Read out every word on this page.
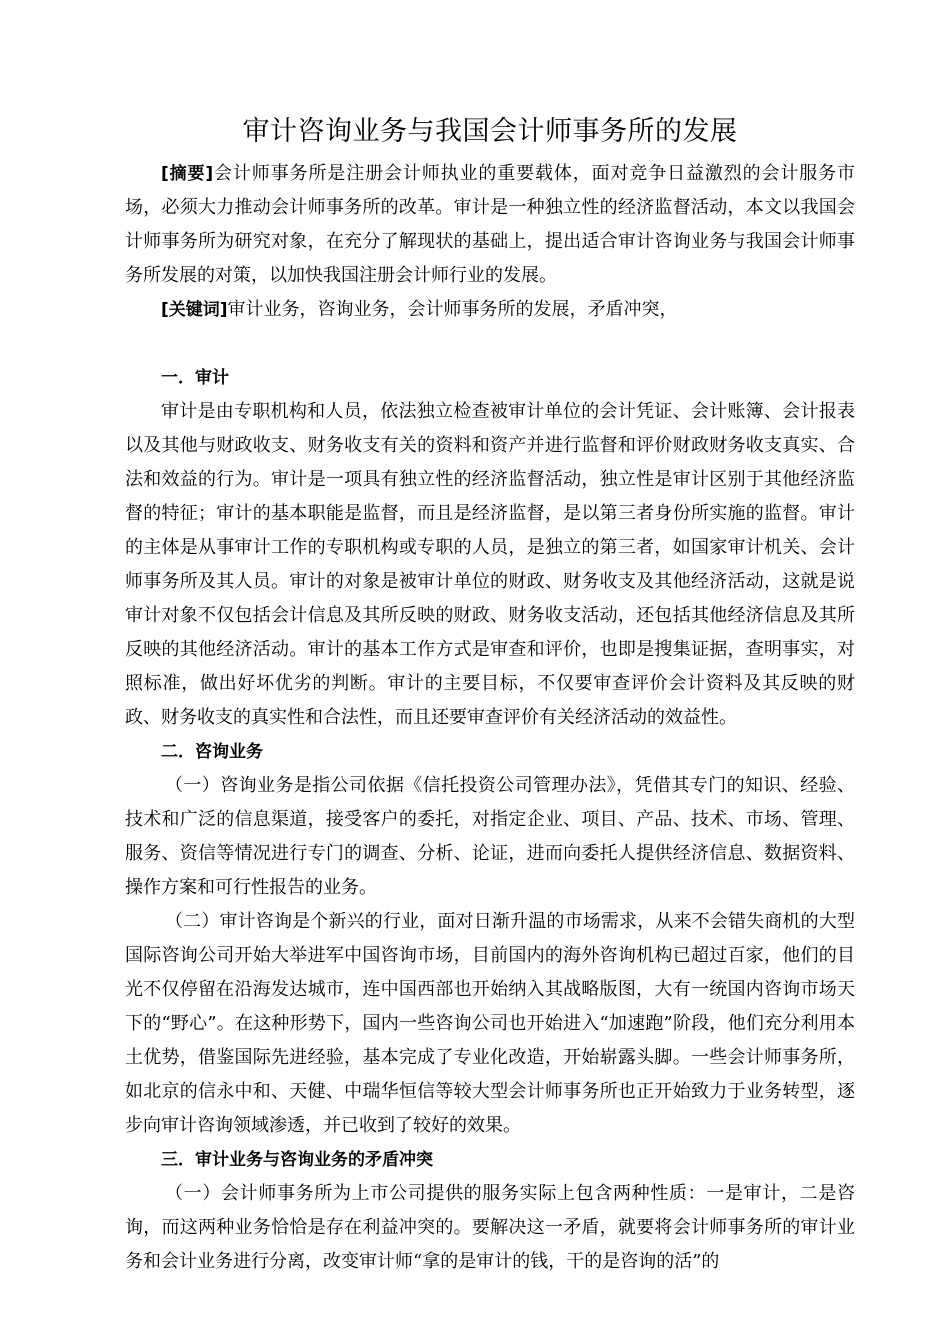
审计咨询业务与我国会计师事务所的发展

[摘要]会计师事务所是注册会计师执业的重要载体，面对竞争日益激烈的会计服务市场，必须大力推动会计师事务所的改革。审计是一种独立性的经济监督活动，本文以我国会计师事务所为研究对象，在充分了解现状的基础上，提出适合审计咨询业务与我国会计师事务所发展的对策，以加快我国注册会计师行业的发展。

[关键词]审计业务，咨询业务，会计师事务所的发展，矛盾冲突，

一．审计

审计是由专职机构和人员，依法独立检查被审计单位的会计凭证、会计账簿、会计报表以及其他与财政收支、财务收支有关的资料和资产并进行监督和评价财政财务收支真实、合法和效益的行为。审计是一项具有独立性的经济监督活动，独立性是审计区别于其他经济监督的特征；审计的基本职能是监督，而且是经济监督，是以第三者身份所实施的监督。审计的主体是从事审计工作的专职机构或专职的人员，是独立的第三者，如国家审计机关、会计师事务所及其人员。审计的对象是被审计单位的财政、财务收支及其他经济活动，这就是说审计对象不仅包括会计信息及其所反映的财政、财务收支活动，还包括其他经济信息及其所反映的其他经济活动。审计的基本工作方式是审查和评价，也即是搜集证据，查明事实，对照标准，做出好坏优劣的判断。审计的主要目标，不仅要审查评价会计资料及其反映的财政、财务收支的真实性和合法性，而且还要审查评价有关经济活动的效益性。

二．咨询业务

（一）咨询业务是指公司依据《信托投资公司管理办法》，凭借其专门的知识、经验、技术和广泛的信息渠道，接受客户的委托，对指定企业、项目、产品、技术、市场、管理、服务、资信等情况进行专门的调查、分析、论证，进而向委托人提供经济信息、数据资料、操作方案和可行性报告的业务。

（二）审计咨询是个新兴的行业，面对日渐升温的市场需求，从来不会错失商机的大型国际咨询公司开始大举进军中国咨询市场，目前国内的海外咨询机构已超过百家，他们的目光不仅停留在沿海发达城市，连中国西部也开始纳入其战略版图，大有一统国内咨询市场天下的“野心”。在这种形势下，国内一些咨询公司也开始进入“加速跑”阶段，他们充分利用本土优势，借鉴国际先进经验，基本完成了专业化改造，开始崭露头脚。一些会计师事务所，如北京的信永中和、天健、中瑞华恒信等较大型会计师事务所也正开始致力于业务转型，逐步向审计咨询领域渗透，并已收到了较好的效果。

三．审计业务与咨询业务的矛盾冲突

（一）会计师事务所为上市公司提供的服务实际上包含两种性质：一是审计，二是咨询，而这两种业务恰恰是存在利益冲突的。要解决这一矛盾，就要将会计师事务所的审计业务和会计业务进行分离，改变审计师“拿的是审计的钱，干的是咨询的活”的
